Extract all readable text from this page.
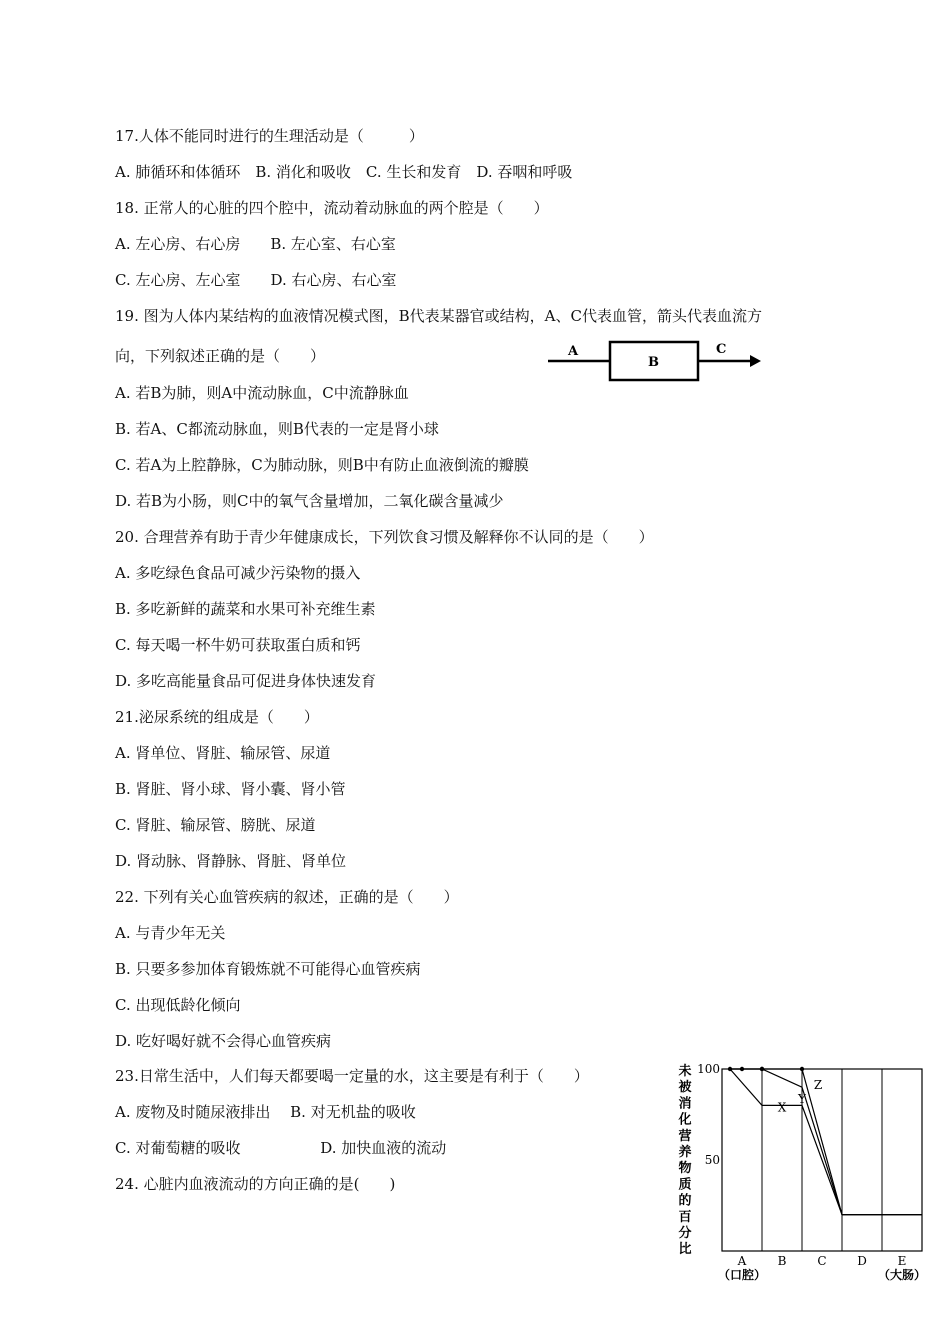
17.人体不能同时进行的生理活动是（　　　）
A. 肺循环和体循环　B. 消化和吸收　C. 生长和发育　D. 吞咽和呼吸
18. 正常人的心脏的四个腔中，流动着动脉血的两个腔是（　　）
A. 左心房、右心房　　B. 左心室、右心室
C. 左心房、左心室　　D. 右心房、右心室
19. 图为人体内某结构的血液情况模式图，B代表某器官或结构，A、C代表血管，箭头代表血流方
向，下列叙述正确的是（　　）
A. 若B为肺，则A中流动脉血，C中流静脉血
B. 若A、C都流动脉血，则B代表的一定是肾小球
C. 若A为上腔静脉，C为肺动脉，则B中有防止血液倒流的瓣膜
D. 若B为小肠，则C中的氧气含量增加，二氧化碳含量减少
20. 合理营养有助于青少年健康成长，下列饮食习惯及解释你不认同的是（　　）
A. 多吃绿色食品可减少污染物的摄入
B. 多吃新鲜的蔬菜和水果可补充维生素
C. 每天喝一杯牛奶可获取蛋白质和钙
D. 多吃高能量食品可促进身体快速发育
21.泌尿系统的组成是（　　）
A. 肾单位、肾脏、输尿管、尿道
B. 肾脏、肾小球、肾小囊、肾小管
C. 肾脏、输尿管、膀胱、尿道
D. 肾动脉、肾静脉、肾脏、肾单位
22. 下列有关心血管疾病的叙述，正确的是（　　）
A. 与青少年无关
B. 只要多参加体育锻炼就不可能得心血管疾病
C. 出现低龄化倾向
D. 吃好喝好就不会得心血管疾病
23.日常生活中，人们每天都要喝一定量的水，这主要是有利于（　　）
A. 废物及时随尿液排出　 B. 对无机盐的吸收
C. 对葡萄糖的吸收　　　　　 D. 加快血液的流动
24. 心脏内血液流动的方向正确的是(　　)
A
B
C
未
被
消
化
营
养
物
质
的
百
分
比
100
50
A
（口腔）
B	C	D	E
（大肠）
X
Y
Z
